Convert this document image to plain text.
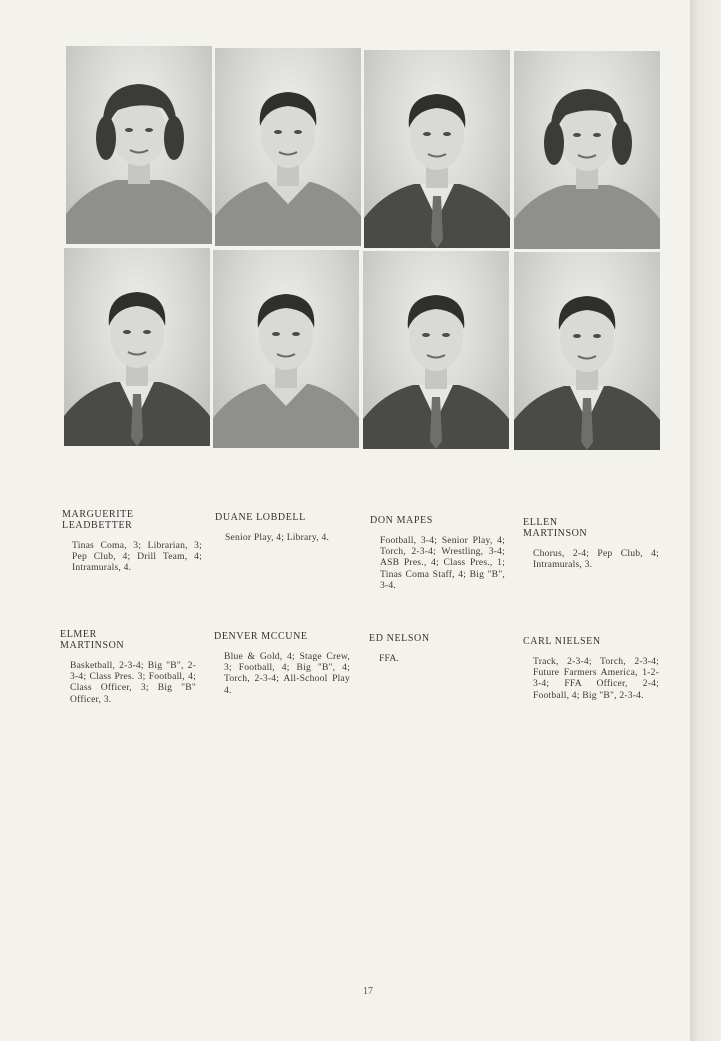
MARGUERITE LEADBETTER

Tinas Coma, 3; Librarian, 3; Pep Club, 4; Drill Team, 4; Intramurals, 4.

DUANE LOBDELL

Senior Play, 4; Library, 4.

DON MAPES

Football, 3-4; Senior Play, 4; Torch, 2-3-4; Wrestling, 3-4; ASB Pres., 4; Class Pres., 1; Tinas Coma Staff, 4; Big "B", 3-4.

ELLEN MARTINSON

Chorus, 2-4; Pep Club, 4; Intramurals, 3.

ELMER MARTINSON

Basketball, 2-3-4; Big "B", 2-3-4; Class Pres. 3; Football, 4; Class Officer, 3; Big "B" Officer, 3.

DENVER MCCUNE

Blue & Gold, 4; Stage Crew, 3; Football, 4; Big "B", 4; Torch, 2-3-4; All-School Play 4.

ED NELSON

FFA.

CARL NIELSEN

Track, 2-3-4; Torch, 2-3-4; Future Farmers America, 1-2-3-4; FFA Officer, 2-4; Football, 4; Big "B", 2-3-4.

17
